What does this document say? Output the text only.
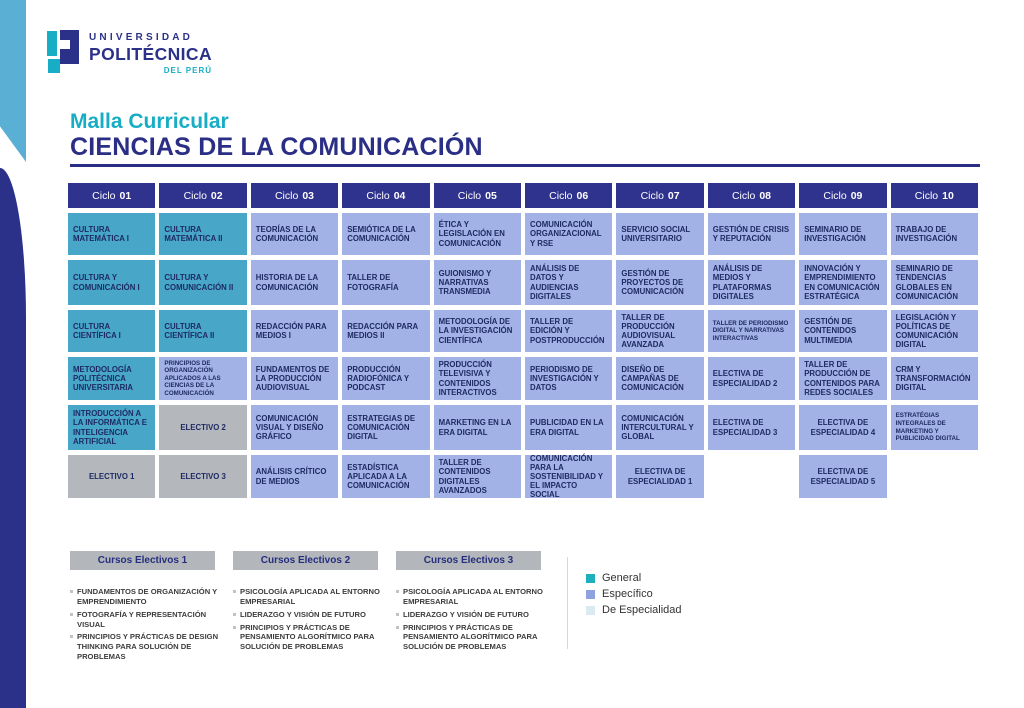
UNIVERSIDAD
POLITÉCNICA
DEL PERÚ
Malla Curricular
CIENCIAS DE LA COMUNICACIÓN
Ciclo 01
CULTURA MATEMÁTICA I
CULTURA Y COMUNICACIÓN I
CULTURA CIENTÍFICA I
METODOLOGÍA POLITÉCNICA UNIVERSITARIA
INTRODUCCIÓN A LA INFORMÁTICA E INTELIGENCIA ARTIFICIAL
ELECTIVO 1
Ciclo 02
CULTURA MATEMÁTICA II
CULTURA Y COMUNICACIÓN II
CULTURA CIENTÍFICA II
PRINCIPIOS DE ORGANIZACIÓN APLICADOS A LAS CIENCIAS DE LA COMUNICACIÓN
ELECTIVO 2
ELECTIVO 3
Ciclo 03
TEORÍAS DE LA COMUNICACIÓN
HISTORIA DE LA COMUNICACIÓN
REDACCIÓN PARA MEDIOS I
FUNDAMENTOS DE LA PRODUCCIÓN AUDIOVISUAL
COMUNICACIÓN VISUAL Y DISEÑO GRÁFICO
ANÁLISIS CRÍTICO DE MEDIOS
Ciclo 04
SEMIÓTICA DE LA COMUNICACIÓN
TALLER DE FOTOGRAFÍA
REDACCIÓN PARA MEDIOS II
PRODUCCIÓN RADIOFÓNICA Y PODCAST
ESTRATEGIAS DE COMUNICACIÓN DIGITAL
ESTADÍSTICA APLICADA A LA COMUNICACIÓN
Ciclo 05
ÉTICA Y LEGISLACIÓN EN COMUNICACIÓN
GUIONISMO Y NARRATIVAS TRANSMEDIA
METODOLOGÍA DE LA INVESTIGACIÓN CIENTÍFICA
PRODUCCIÓN TELEVISIVA Y CONTENIDOS INTERACTIVOS
MARKETING EN LA ERA DIGITAL
TALLER DE CONTENIDOS DIGITALES AVANZADOS
Ciclo 06
COMUNICACIÓN ORGANIZACIONAL Y RSE
ANÁLISIS DE DATOS Y AUDIENCIAS DIGITALES
TALLER DE EDICIÓN Y POSTPRODUCCIÓN
PERIODISMO DE INVESTIGACIÓN Y DATOS
PUBLICIDAD EN LA ERA DIGITAL
COMUNICACIÓN PARA LA SOSTENIBILIDAD Y EL IMPACTO SOCIAL
Ciclo 07
SERVICIO SOCIAL UNIVERSITARIO
GESTIÓN DE PROYECTOS DE COMUNICACIÓN
TALLER DE PRODUCCIÓN AUDIOVISUAL AVANZADA
DISEÑO DE CAMPAÑAS DE COMUNICACIÓN
COMUNICACIÓN INTERCULTURAL Y GLOBAL
ELECTIVA DE ESPECIALIDAD 1
Ciclo 08
GESTIÓN DE CRISIS Y REPUTACIÓN
ANÁLISIS DE MEDIOS Y PLATAFORMAS DIGITALES
TALLER DE PERIODISMO DIGITAL Y NARRATIVAS INTERACTIVAS
ELECTIVA DE ESPECIALIDAD 2
ELECTIVA DE ESPECIALIDAD 3
Ciclo 09
SEMINARIO DE INVESTIGACIÓN
INNOVACIÓN Y EMPRENDIMIENTO EN COMUNICACIÓN ESTRATÉGICA
GESTIÓN DE CONTENIDOS MULTIMEDIA
TALLER DE PRODUCCIÓN DE CONTENIDOS PARA REDES SOCIALES
ELECTIVA DE ESPECIALIDAD 4
ELECTIVA DE ESPECIALIDAD 5
Ciclo 10
TRABAJO DE INVESTIGACIÓN
SEMINARIO DE TENDENCIAS GLOBALES EN COMUNICACIÓN
LEGISLACIÓN Y POLÍTICAS DE COMUNICACIÓN DIGITAL
CRM Y TRANSFORMACIÓN DIGITAL
ESTRATÉGIAS INTEGRALES DE MARKETING Y PUBLICIDAD DIGITAL
Cursos Electivos 1
FUNDAMENTOS DE ORGANIZACIÓN Y EMPRENDIMIENTO
FOTOGRAFÍA Y REPRESENTACIÓN VISUAL
PRINCIPIOS Y PRÁCTICAS DE DESIGN THINKING PARA SOLUCIÓN DE PROBLEMAS
Cursos Electivos 2
PSICOLOGÍA APLICADA AL ENTORNO EMPRESARIAL
LIDERAZGO Y VISIÓN DE FUTURO
PRINCIPIOS Y PRÁCTICAS DE PENSAMIENTO ALGORÍTMICO PARA SOLUCIÓN DE PROBLEMAS
Cursos Electivos 3
PSICOLOGÍA APLICADA AL ENTORNO EMPRESARIAL
LIDERAZGO Y VISIÓN DE FUTURO
PRINCIPIOS Y PRÁCTICAS DE PENSAMIENTO ALGORÍTMICO PARA SOLUCIÓN DE PROBLEMAS
General
Específico
De Especialidad
